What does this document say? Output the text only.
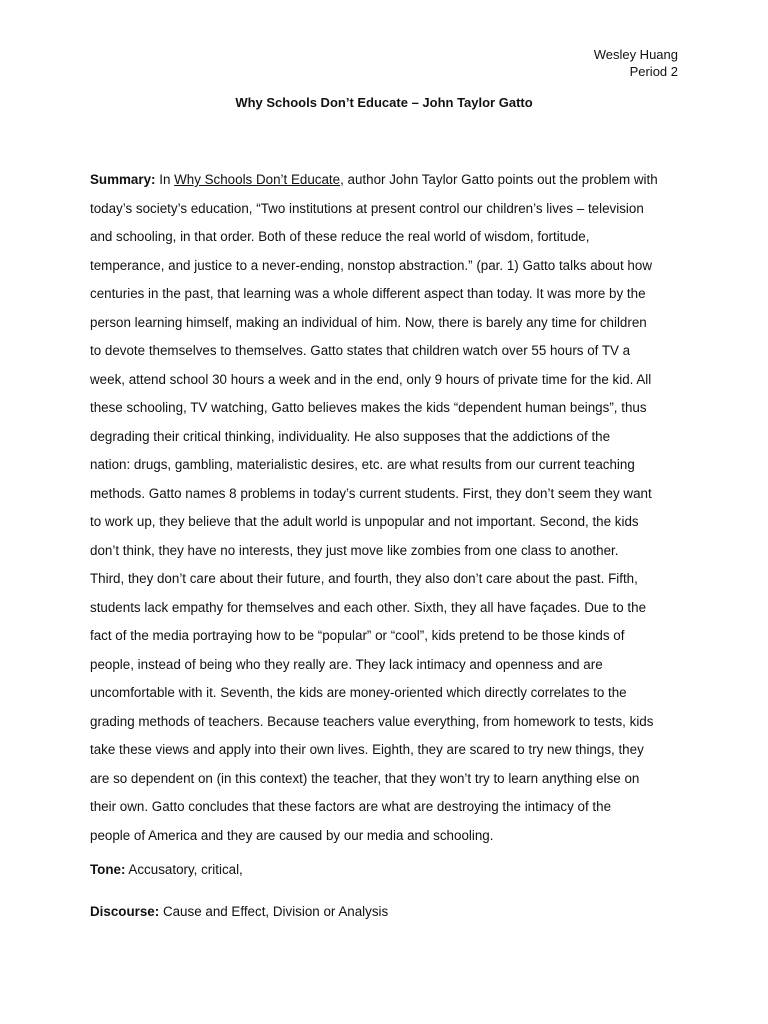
Wesley Huang
Period 2
Why Schools Don’t Educate – John Taylor Gatto
Summary: In Why Schools Don’t Educate, author John Taylor Gatto points out the problem with
today’s society’s education, “Two institutions at present control our children’s lives – television
and schooling, in that order. Both of these reduce the real world of wisdom, fortitude,
temperance, and justice to a never-ending, nonstop abstraction.” (par. 1) Gatto talks about how
centuries in the past, that learning was a whole different aspect than today. It was more by the
person learning himself, making an individual of him. Now, there is barely any time for children
to devote themselves to themselves. Gatto states that children watch over 55 hours of TV a
week, attend school 30 hours a week and in the end, only 9 hours of private time for the kid. All
these schooling, TV watching, Gatto believes makes the kids “dependent human beings”, thus
degrading their critical thinking, individuality. He also supposes that the addictions of the
nation: drugs, gambling, materialistic desires, etc. are what results from our current teaching
methods. Gatto names 8 problems in today’s current students. First, they don’t seem they want
to work up, they believe that the adult world is unpopular and not important. Second, the kids
don’t think, they have no interests, they just move like zombies from one class to another.
Third, they don’t care about their future, and fourth, they also don’t care about the past. Fifth,
students lack empathy for themselves and each other. Sixth, they all have façades. Due to the
fact of the media portraying how to be “popular” or “cool”, kids pretend to be those kinds of
people, instead of being who they really are. They lack intimacy and openness and are
uncomfortable with it. Seventh, the kids are money-oriented which directly correlates to the
grading methods of teachers. Because teachers value everything, from homework to tests, kids
take these views and apply into their own lives. Eighth, they are scared to try new things, they
are so dependent on (in this context) the teacher, that they won’t try to learn anything else on
their own. Gatto concludes that these factors are what are destroying the intimacy of the
people of America and they are caused by our media and schooling.
Tone: Accusatory, critical,
Discourse: Cause and Effect, Division or Analysis
